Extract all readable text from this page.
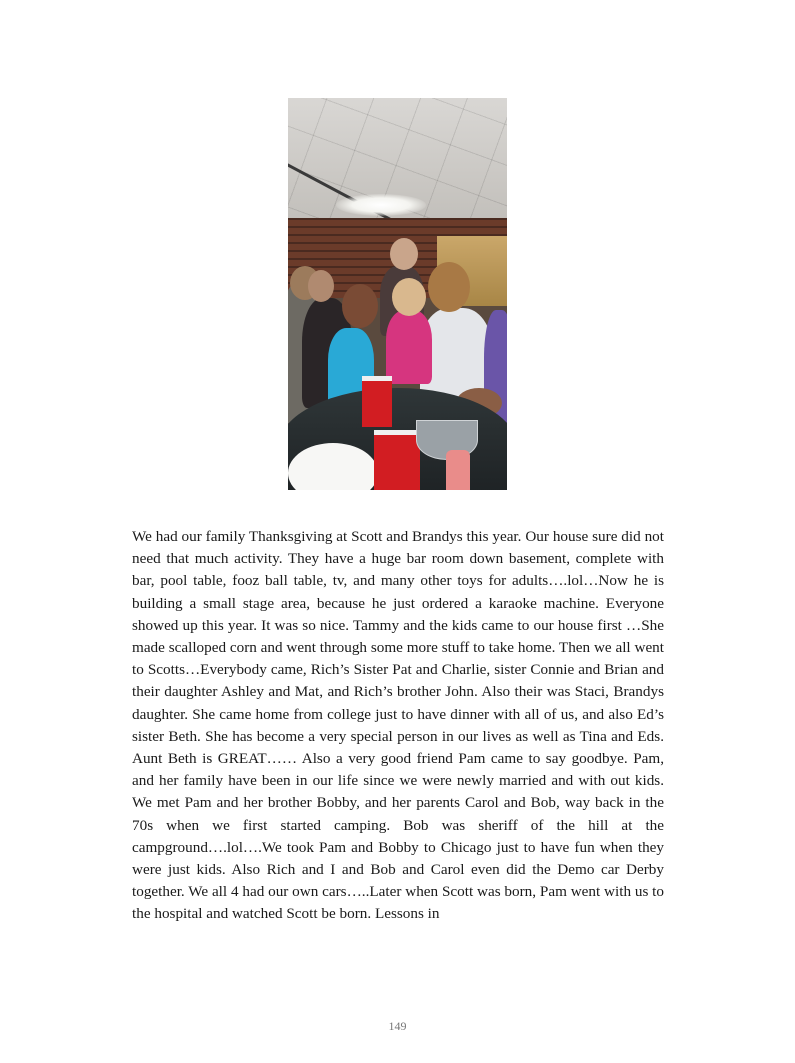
We had our family Thanksgiving at Scott and Brandys this year. Our house sure did not need that much activity. They have a huge bar room down basement, complete with bar, pool table, fooz ball table, tv, and many other toys for adults….lol…Now he is building a small stage area, because he just ordered a karaoke machine. Everyone showed up this year. It was so nice. Tammy and the kids came to our house first …She made scalloped corn and went through some more stuff to take home. Then we all went to Scotts…Everybody came, Rich’s Sister Pat and Charlie, sister Connie and Brian and their daughter Ashley and Mat, and Rich’s brother John. Also their was Staci, Brandys daughter. She came home from college just to have dinner with all of us, and also Ed’s sister Beth. She has become a very special person in our lives as well as Tina and Eds. Aunt Beth is GREAT…… Also a very good friend Pam came to say goodbye. Pam, and her family have been in our life since we were newly married and with out kids. We met Pam and her brother Bobby, and her parents Carol and Bob, way back in the 70s when we first started camping. Bob was sheriff of the hill at the campground….lol….We took Pam and Bobby to Chicago just to have fun when they were just kids. Also Rich and I and Bob and Carol even did the Demo car Derby together. We all 4 had our own cars…..Later when Scott was born, Pam went with us to the hospital and watched Scott be born. Lessons in

149
